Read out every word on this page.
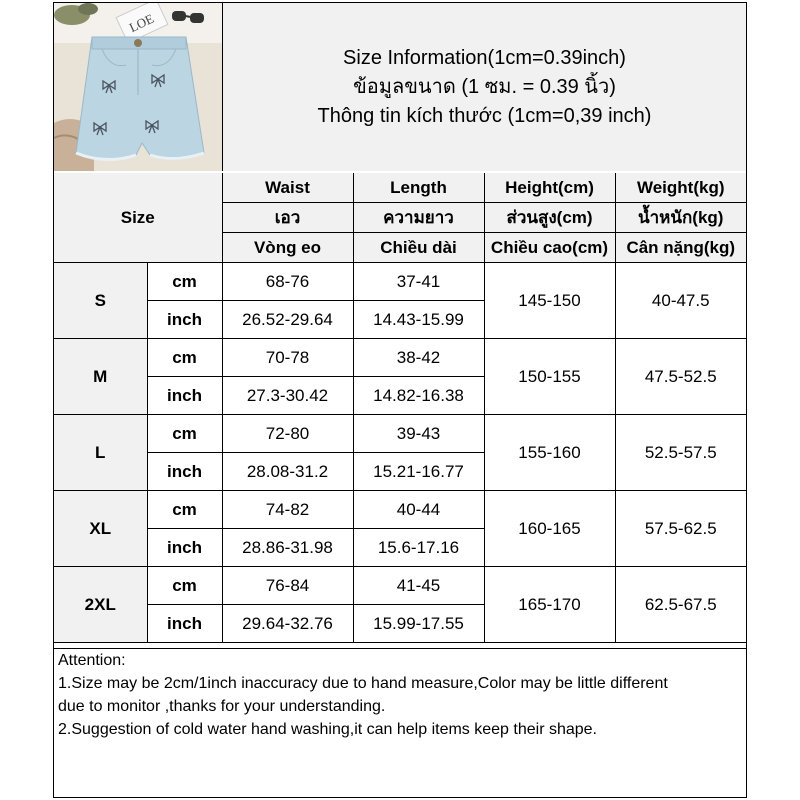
LOE
Size Information(1cm=0.39inch)
ข้อมูลขนาด (1 ซม. = 0.39 นิ้ว)
Thông tin kích thước (1cm=0,39 inch)
Size		Waist	Length	Height(cm)	Weight(kg)
		เอว	ความยาว	ส่วนสูง(cm)	น้ำหนัก(kg)
		Vòng eo	Chiều dài	Chiều cao(cm)	Cân nặng(kg)
S	cm	68-76	37-41	145-150	40-47.5
	inch	26.52-29.64	14.43-15.99		
M	cm	70-78	38-42	150-155	47.5-52.5
	inch	27.3-30.42	14.82-16.38		
L	cm	72-80	39-43	155-160	52.5-57.5
	inch	28.08-31.2	15.21-16.77		
XL	cm	74-82	40-44	160-165	57.5-62.5
	inch	28.86-31.98	15.6-17.16		
2XL	cm	76-84	41-45	165-170	62.5-67.5
	inch	29.64-32.76	15.99-17.55		
Attention:
1.Size may be 2cm/1inch inaccuracy due to hand measure,Color may be little different
due to monitor ,thanks for your understanding.
2.Suggestion of cold water hand washing,it can help items keep their shape.
